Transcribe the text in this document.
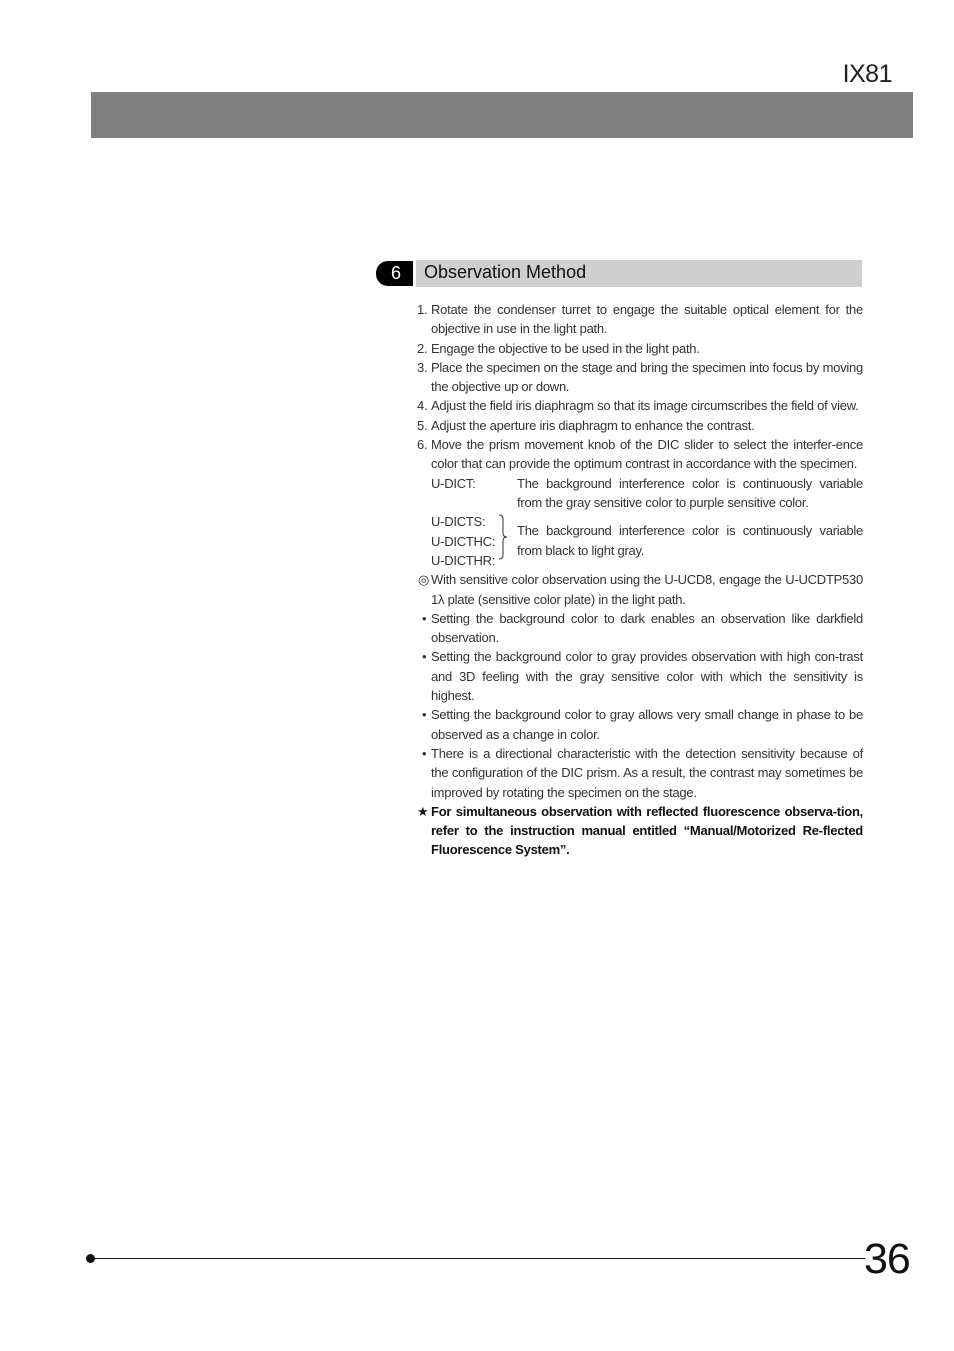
IX81
6	Observation Method
1. Rotate the condenser turret to engage the suitable optical element for the objective in use in the light path.
2. Engage the objective to be used in the light path.
3. Place the specimen on the stage and bring the specimen into focus by moving the objective up or down.
4. Adjust the field iris diaphragm so that its image circumscribes the field of view.
5. Adjust the aperture iris diaphragm to enhance the contrast.
6. Move the prism movement knob of the DIC slider to select the interfer-ence color that can provide the optimum contrast in accordance with the specimen.
U-DICT:	The background interference color is continuously variable from the gray sensitive color to purple sensitive color.
U-DICTS:
U-DICTHC:
U-DICTHR:
The background interference color is continuously variable from black to light gray.
◎ With sensitive color observation using the U-UCD8, engage the U-UCDTP530 1λ plate (sensitive color plate) in the light path.
• Setting the background color to dark enables an observation like darkfield observation.
• Setting the background color to gray provides observation with high con-trast and 3D feeling with the gray sensitive color with which the sensitivity is highest.
• Setting the background color to gray allows very small change in phase to be observed as a change in color.
• There is a directional characteristic with the detection sensitivity because of the configuration of the DIC prism. As a result, the contrast may sometimes be improved by rotating the specimen on the stage.
★ For simultaneous observation with reflected fluorescence observa-tion, refer to the instruction manual entitled “Manual/Motorized Re-flected Fluorescence System”.
36
